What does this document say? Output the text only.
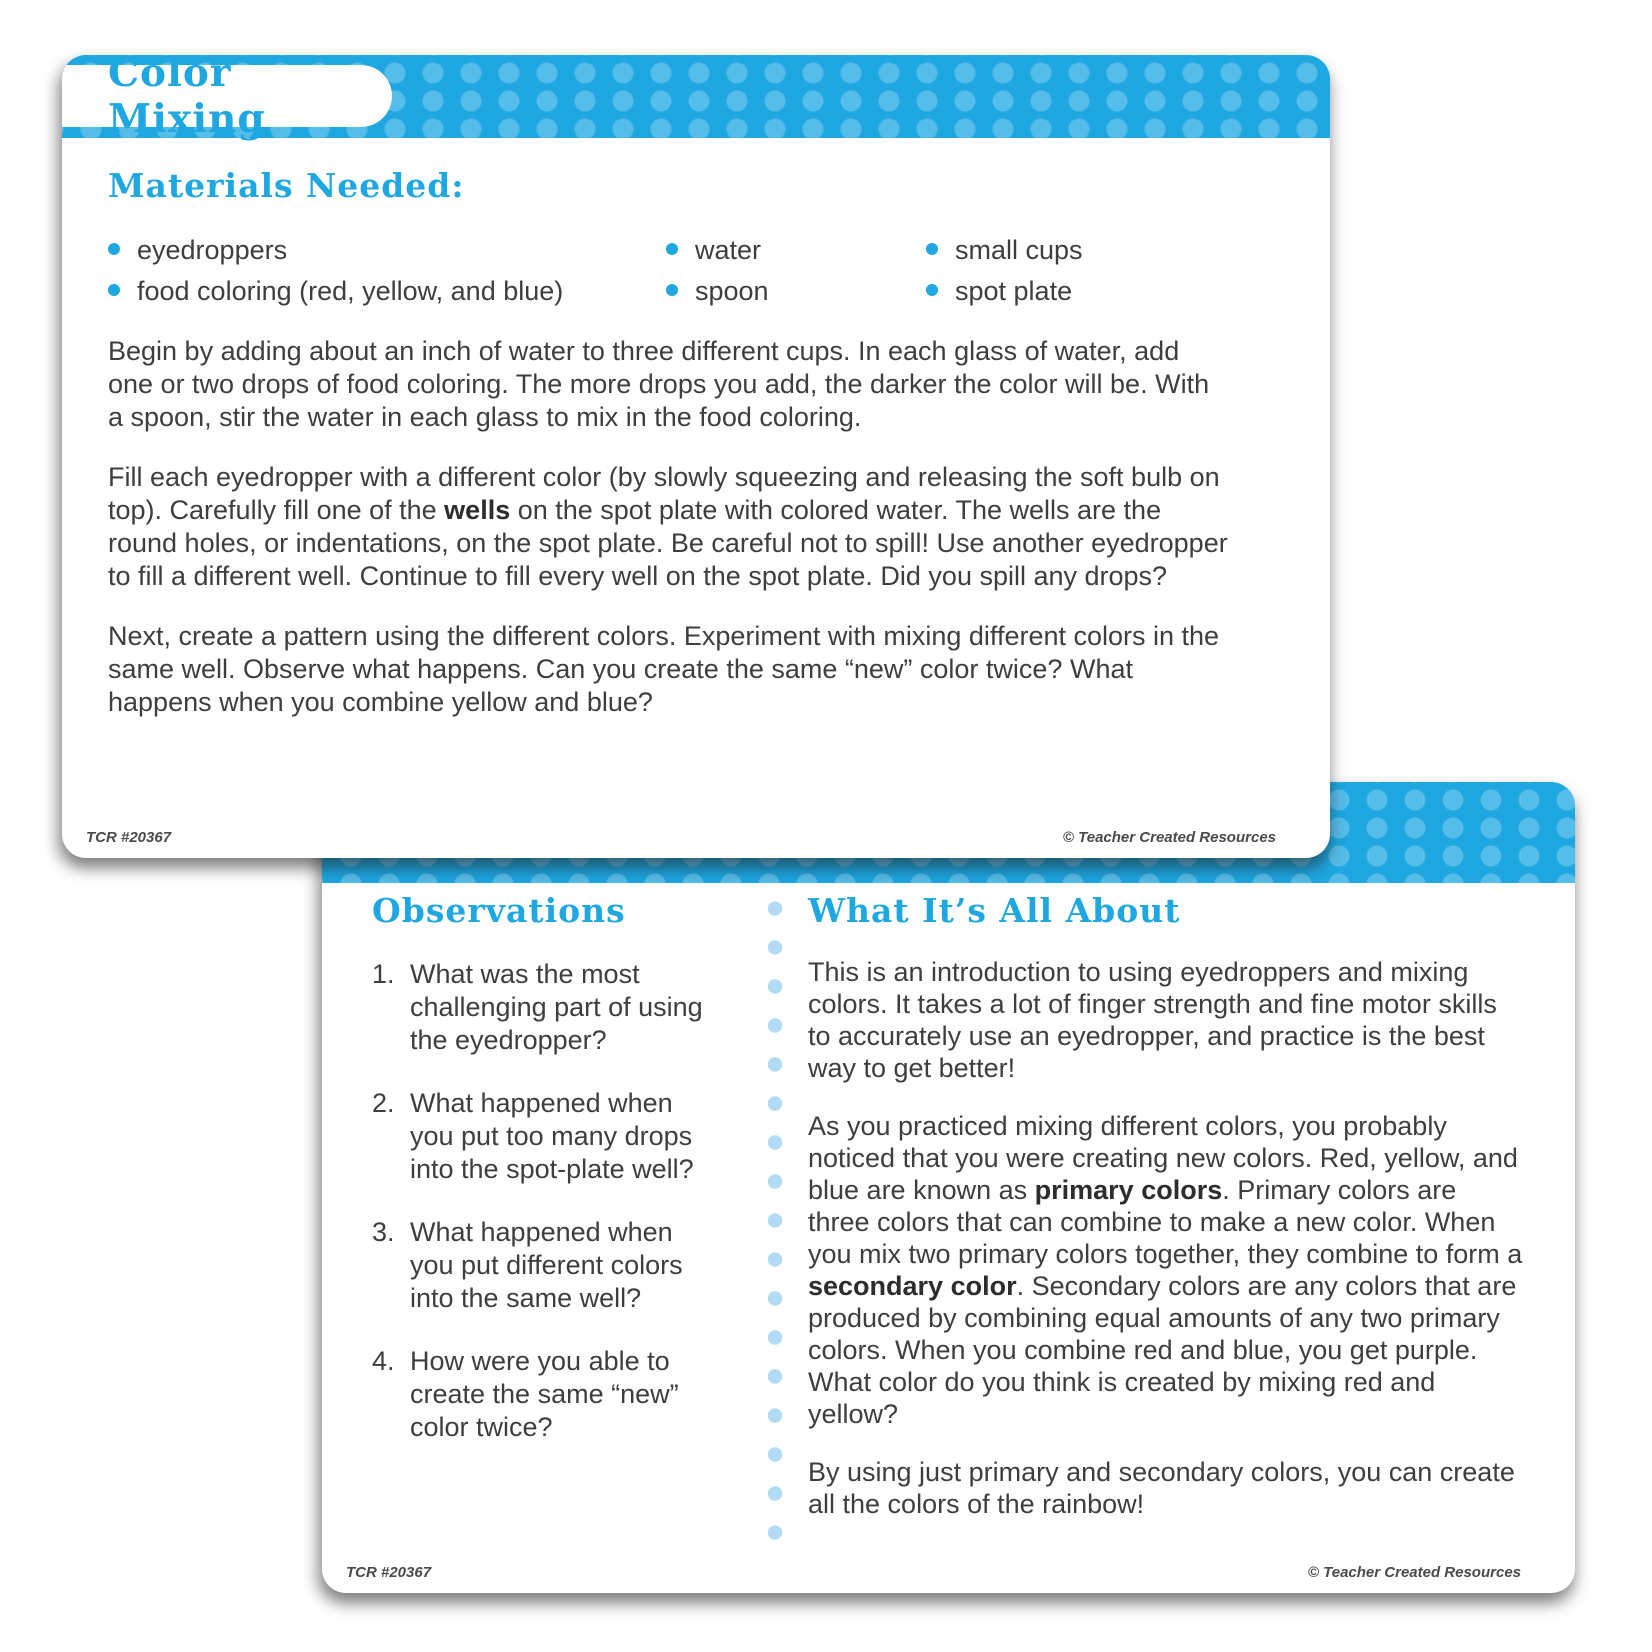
Observations
1. What was the most challenging part of using the eyedropper?
2. What happened when you put too many drops into the spot-plate well?
3. What happened when you put different colors into the same well?
4. How were you able to create the same “new” color twice?
What It’s All About

This is an introduction to using eyedroppers and mixing colors. It takes a lot of finger strength and fine motor skills to accurately use an eyedropper, and practice is the best way to get better!

As you practiced mixing different colors, you probably noticed that you were creating new colors. Red, yellow, and blue are known as primary colors. Primary colors are three colors that can combine to make a new color. When you mix two primary colors together, they combine to form a secondary color. Secondary colors are any colors that are produced by combining equal amounts of any two primary colors. When you combine red and blue, you get purple. What color do you think is created by mixing red and yellow?

By using just primary and secondary colors, you can create all the colors of the rainbow!

TCR #20367	© Teacher Created Resources
Color Mixing
Materials Needed:
eyedroppers
food coloring (red, yellow, and blue)
water
spoon
small cups
spot plate

Begin by adding about an inch of water to three different cups. In each glass of water, add one or two drops of food coloring. The more drops you add, the darker the color will be. With a spoon, stir the water in each glass to mix in the food coloring.

Fill each eyedropper with a different color (by slowly squeezing and releasing the soft bulb on top). Carefully fill one of the wells on the spot plate with colored water. The wells are the round holes, or indentations, on the spot plate. Be careful not to spill! Use another eyedropper to fill a different well. Continue to fill every well on the spot plate. Did you spill any drops?

Next, create a pattern using the different colors. Experiment with mixing different colors in the same well. Observe what happens. Can you create the same “new” color twice? What happens when you combine yellow and blue?

TCR #20367	© Teacher Created Resources
